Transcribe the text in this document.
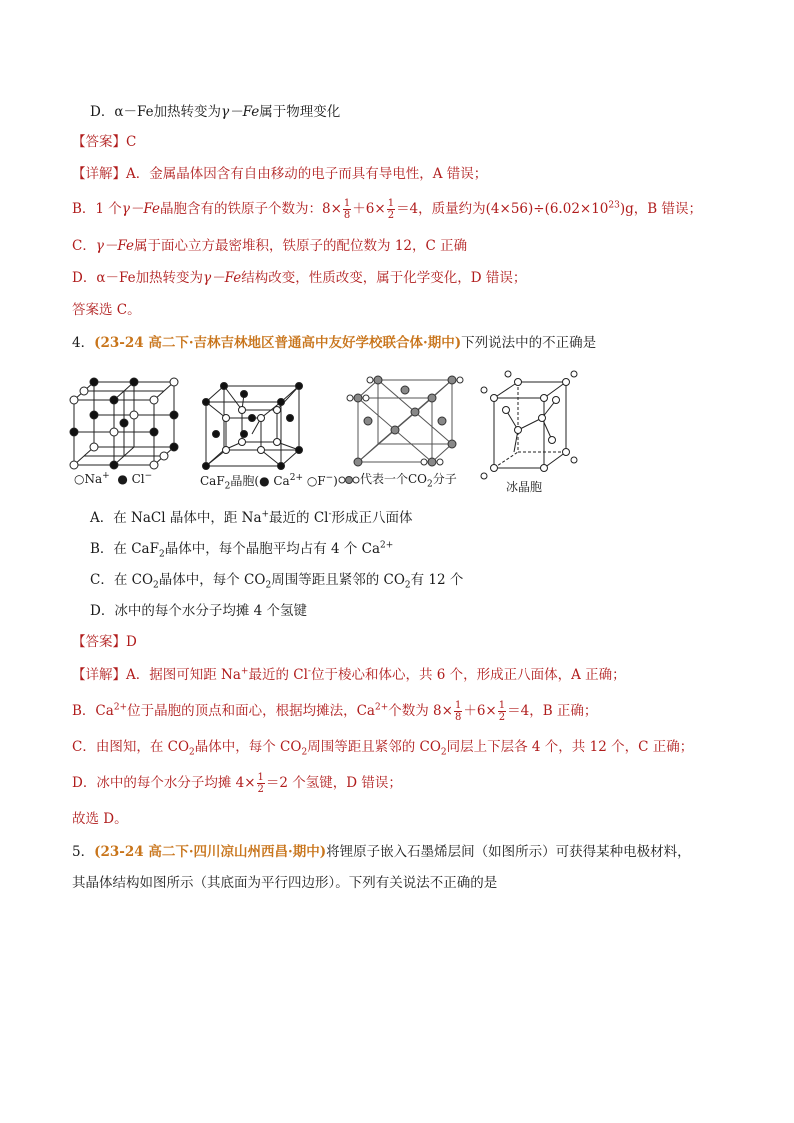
D．α－Fe加热转变为γ－Fe属于物理变化
【答案】C
【详解】A．金属晶体因含有自由移动的电子而具有导电性，A 错误；
B．1 个γ－Fe晶胞含有的铁原子个数为：$8\times \frac{1}{8} +6\times \frac{1}{2} =4$，质量约为$(4\times 56)\div(6.02\times 10^{23})g$，B 错误；
C．γ－Fe属于面心立方最密堆积，铁原子的配位数为 12，C 正确
D．α－Fe加热转变为γ－Fe结构改变，性质改变，属于化学变化，D 错误；
答案选 C。
4．(23-24 高二下·吉林吉林地区普通高中友好学校联合体·期中)下列说法中的不正确是
○Na+ ● Cl−	CaF$_2$晶胞(● $Ca^{2+}$ ○F−)	代表一个$CO_2$分子
冰晶胞
A．在 NaCl 晶体中，距 Na+最近的 Cl-形成正八面体
B．在 CaF$_2$晶体中，每个晶胞平均占有 4 个 $Ca^{2+}$
C．在 $CO_2$晶体中，每个 $CO_2$周围等距且紧邻的 $CO_2$有 12 个
D．冰中的每个水分子均摊 4 个氢键
【答案】D
【详解】A．据图可知距 Na+最近的 Cl-位于棱心和体心，共 6 个，形成正八面体，A 正确；
B．$Ca^{2+}$位于晶胞的顶点和面心，根据均摊法，$Ca^{2+}$个数为 $8\times \frac{1}{8} +6\times \frac{1}{2} =4$，B 正确；
C．由图知，在 $CO_2$晶体中，每个 $CO_2$周围等距且紧邻的 $CO_2$同层上下层各 4 个，共 12 个，C 正确；
D．冰中的每个水分子均摊 $4\times \frac{1}{2} =2$ 个氢键，D 错误；
故选 D。
5．(23-24 高二下·四川凉山州西昌·期中)将锂原子嵌入石墨烯层间（如图所示）可获得某种电极材料，
其晶体结构如图所示（其底面为平行四边形）。下列有关说法不正确的是
